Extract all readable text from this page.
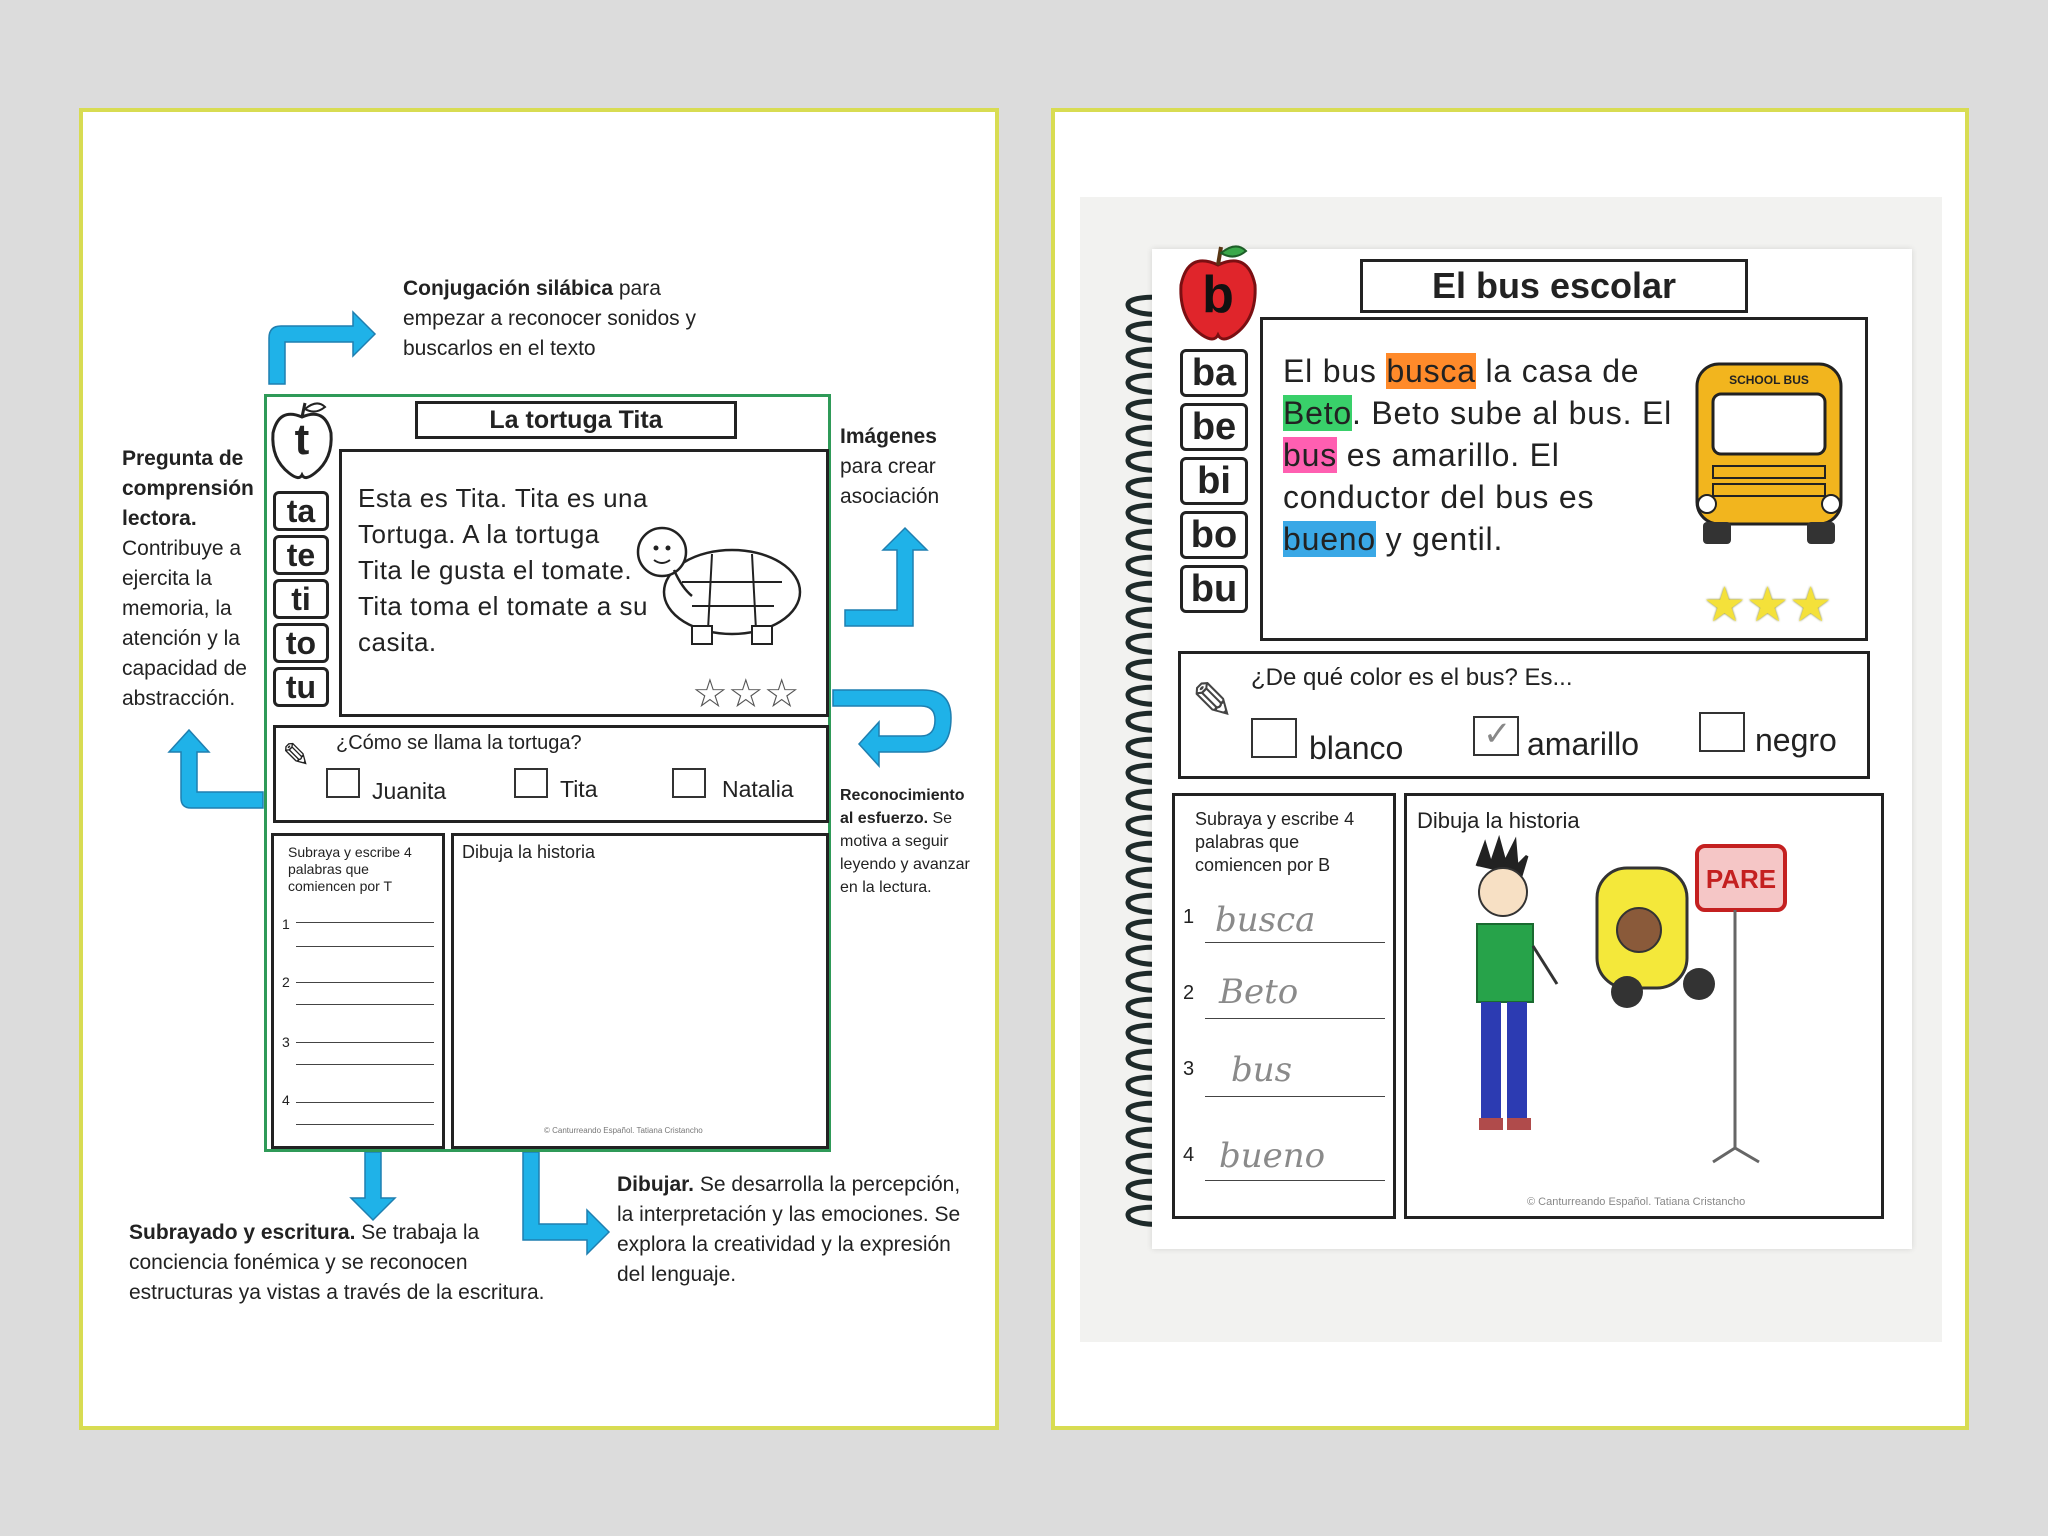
Conjugación silábica para empezar a reconocer sonidos y buscarlos en el texto
Pregunta de comprensión lectora. Contribuye a ejercita la memoria, la atención y la capacidad de abstracción.
Imágenes para crear asociación
Reconocimiento al esfuerzo. Se motiva a seguir leyendo y avanzar en la lectura.
Subrayado y escritura. Se trabaja la conciencia fonémica y se reconocen estructuras ya vistas a través de la escritura.
Dibujar. Se desarrolla la percepción, la interpretación y las emociones. Se explora la creatividad y la expresión del lenguaje.
t	La tortuga Tita
ta
te
ti
to
tu
Esta es Tita. Tita es una Tortuga. A la tortuga Tita le gusta el tomate. Tita toma el tomate a su casita.
☆☆☆
✎ ¿Cómo se llama la tortuga?
Juanita	Tita	Natalia
Subraya y escribe 4 palabras que comiencen por T
1
2
3
4
Dibuja la historia
© Canturreando Español. Tatiana Cristancho
b	El bus escolar
ba
be
bi
bo
bu
El bus busca la casa de Beto. Beto sube al bus. El bus es amarillo. El conductor del bus es bueno y gentil.
SCHOOL BUS
★★★
✎ ¿De qué color es el bus? Es...
blanco ✓ amarillo	negro
Subraya y escribe 4 palabras que comiencen por B
1 busca
2 Beto
3 bus
4 bueno
Dibuja la historia
PARE
© Canturreando Español. Tatiana Cristancho
